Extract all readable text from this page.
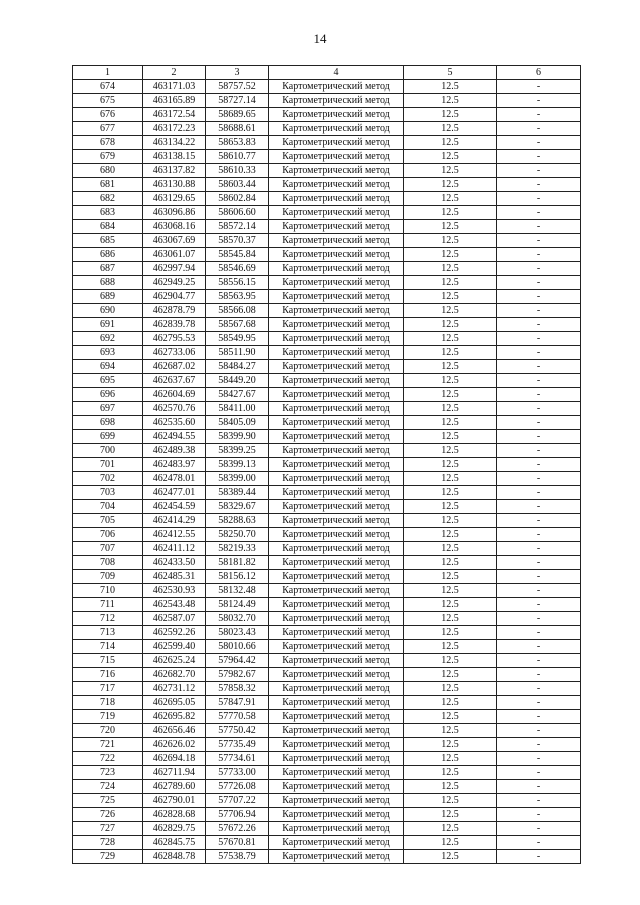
14
1	2	3	4	5	6
674	463171.03	58757.52	Картометрический метод	12.5	-
675	463165.89	58727.14	Картометрический метод	12.5	-
676	463172.54	58689.65	Картометрический метод	12.5	-
677	463172.23	58688.61	Картометрический метод	12.5	-
678	463134.22	58653.83	Картометрический метод	12.5	-
679	463138.15	58610.77	Картометрический метод	12.5	-
680	463137.82	58610.33	Картометрический метод	12.5	-
681	463130.88	58603.44	Картометрический метод	12.5	-
682	463129.65	58602.84	Картометрический метод	12.5	-
683	463096.86	58606.60	Картометрический метод	12.5	-
684	463068.16	58572.14	Картометрический метод	12.5	-
685	463067.69	58570.37	Картометрический метод	12.5	-
686	463061.07	58545.84	Картометрический метод	12.5	-
687	462997.94	58546.69	Картометрический метод	12.5	-
688	462949.25	58556.15	Картометрический метод	12.5	-
689	462904.77	58563.95	Картометрический метод	12.5	-
690	462878.79	58566.08	Картометрический метод	12.5	-
691	462839.78	58567.68	Картометрический метод	12.5	-
692	462795.53	58549.95	Картометрический метод	12.5	-
693	462733.06	58511.90	Картометрический метод	12.5	-
694	462687.02	58484.27	Картометрический метод	12.5	-
695	462637.67	58449.20	Картометрический метод	12.5	-
696	462604.69	58427.67	Картометрический метод	12.5	-
697	462570.76	58411.00	Картометрический метод	12.5	-
698	462535.60	58405.09	Картометрический метод	12.5	-
699	462494.55	58399.90	Картометрический метод	12.5	-
700	462489.38	58399.25	Картометрический метод	12.5	-
701	462483.97	58399.13	Картометрический метод	12.5	-
702	462478.01	58399.00	Картометрический метод	12.5	-
703	462477.01	58389.44	Картометрический метод	12.5	-
704	462454.59	58329.67	Картометрический метод	12.5	-
705	462414.29	58288.63	Картометрический метод	12.5	-
706	462412.55	58250.70	Картометрический метод	12.5	-
707	462411.12	58219.33	Картометрический метод	12.5	-
708	462433.50	58181.82	Картометрический метод	12.5	-
709	462485.31	58156.12	Картометрический метод	12.5	-
710	462530.93	58132.48	Картометрический метод	12.5	-
711	462543.48	58124.49	Картометрический метод	12.5	-
712	462587.07	58032.70	Картометрический метод	12.5	-
713	462592.26	58023.43	Картометрический метод	12.5	-
714	462599.40	58010.66	Картометрический метод	12.5	-
715	462625.24	57964.42	Картометрический метод	12.5	-
716	462682.70	57982.67	Картометрический метод	12.5	-
717	462731.12	57858.32	Картометрический метод	12.5	-
718	462695.05	57847.91	Картометрический метод	12.5	-
719	462695.82	57770.58	Картометрический метод	12.5	-
720	462656.46	57750.42	Картометрический метод	12.5	-
721	462626.02	57735.49	Картометрический метод	12.5	-
722	462694.18	57734.61	Картометрический метод	12.5	-
723	462711.94	57733.00	Картометрический метод	12.5	-
724	462789.60	57726.08	Картометрический метод	12.5	-
725	462790.01	57707.22	Картометрический метод	12.5	-
726	462828.68	57706.94	Картометрический метод	12.5	-
727	462829.75	57672.26	Картометрический метод	12.5	-
728	462845.75	57670.81	Картометрический метод	12.5	-
729	462848.78	57538.79	Картометрический метод	12.5	-
